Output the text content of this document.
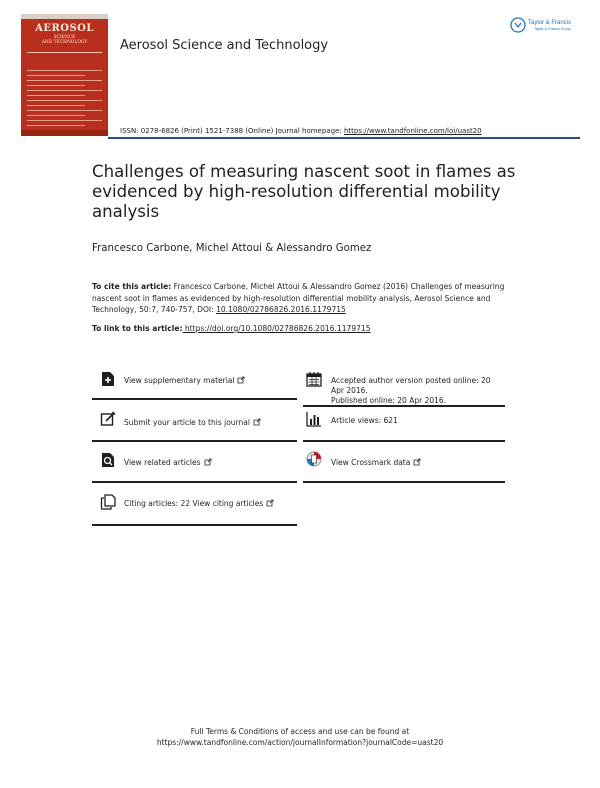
AEROSOL
SCIENCE
AND TECHNOLOGY	Aerosol Science and Technology
Taylor & Francis
Taylor & Francis Group
ISSN: 0278-6826 (Print) 1521-7388 (Online) Journal homepage: https://www.tandfonline.com/loi/uast20
Challenges of measuring nascent soot in flames as evidenced by high-resolution differential mobility analysis
Francesco Carbone, Michel Attoui & Alessandro Gomez
To cite this article: Francesco Carbone, Michel Attoui & Alessandro Gomez (2016) Challenges of measuring nascent soot in flames as evidenced by high-resolution differential mobility analysis, Aerosol Science and Technology, 50:7, 740-757, DOI: 10.1080/02786826.2016.1179715
To link to this article: https://doi.org/10.1080/02786826.2016.1179715
View supplementary material
Submit your article to this journal
View related articles
Citing articles: 22 View citing articles
Accepted author version posted online: 20
Apr 2016.
Published online: 20 Apr 2016.
Article views: 621
View Crossmark data
Full Terms & Conditions of access and use can be found at
https://www.tandfonline.com/action/journalInformation?journalCode=uast20
